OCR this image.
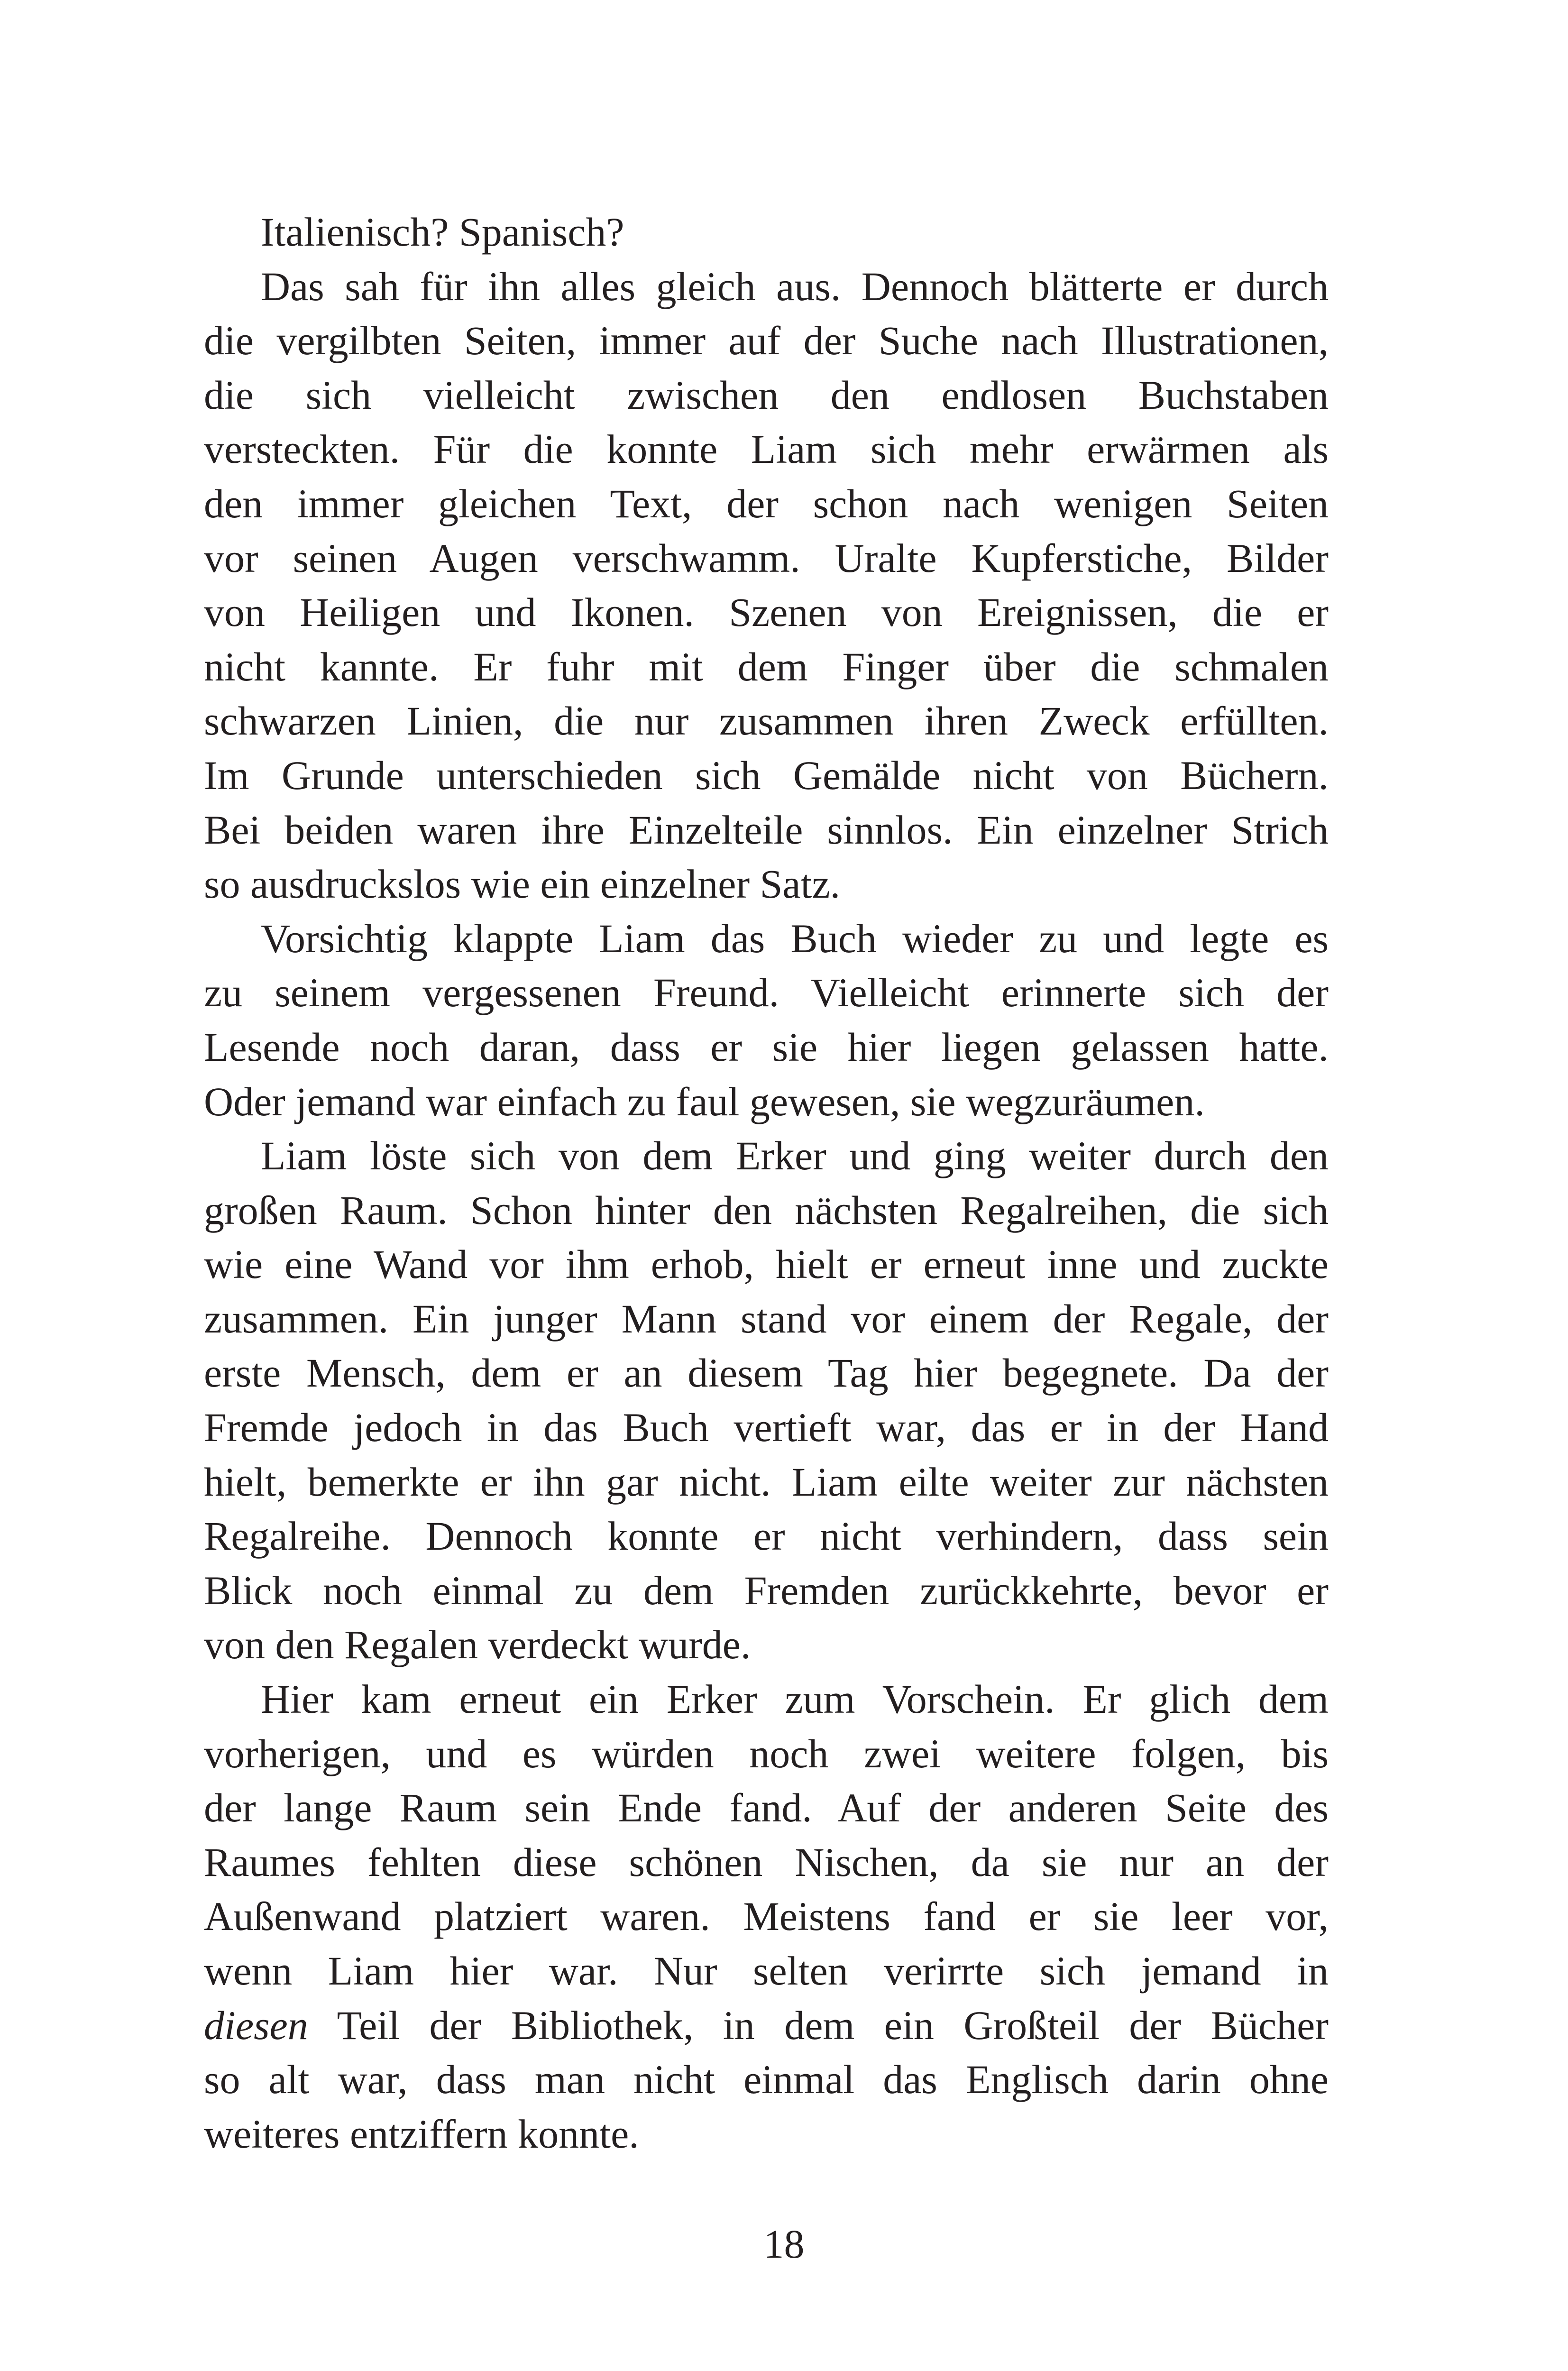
Italienisch? Spanisch?
Das sah für ihn alles gleich aus. Dennoch blätterte er durch
die vergilbten Seiten, immer auf der Suche nach Illustrationen,
die sich vielleicht zwischen den endlosen Buchstaben
versteckten. Für die konnte Liam sich mehr erwärmen als
den immer gleichen Text, der schon nach wenigen Seiten
vor seinen Augen verschwamm. Uralte Kupferstiche, Bilder
von Heiligen und Ikonen. Szenen von Ereignissen, die er
nicht kannte. Er fuhr mit dem Finger über die schmalen
schwarzen Linien, die nur zusammen ihren Zweck erfüllten.
Im Grunde unterschieden sich Gemälde nicht von Büchern.
Bei beiden waren ihre Einzelteile sinnlos. Ein einzelner Strich
so ausdruckslos wie ein einzelner Satz.
Vorsichtig klappte Liam das Buch wieder zu und legte es
zu seinem vergessenen Freund. Vielleicht erinnerte sich der
Lesende noch daran, dass er sie hier liegen gelassen hatte.
Oder jemand war einfach zu faul gewesen, sie wegzuräumen.
Liam löste sich von dem Erker und ging weiter durch den
großen Raum. Schon hinter den nächsten Regalreihen, die sich
wie eine Wand vor ihm erhob, hielt er erneut inne und zuckte
zusammen. Ein junger Mann stand vor einem der Regale, der
erste Mensch, dem er an diesem Tag hier begegnete. Da der
Fremde jedoch in das Buch vertieft war, das er in der Hand
hielt, bemerkte er ihn gar nicht. Liam eilte weiter zur nächsten
Regalreihe. Dennoch konnte er nicht verhindern, dass sein
Blick noch einmal zu dem Fremden zurückkehrte, bevor er
von den Regalen verdeckt wurde.
Hier kam erneut ein Erker zum Vorschein. Er glich dem
vorherigen, und es würden noch zwei weitere folgen, bis
der lange Raum sein Ende fand. Auf der anderen Seite des
Raumes fehlten diese schönen Nischen, da sie nur an der
Außenwand platziert waren. Meistens fand er sie leer vor,
wenn Liam hier war. Nur selten verirrte sich jemand in
diesen Teil der Bibliothek, in dem ein Großteil der Bücher
so alt war, dass man nicht einmal das Englisch darin ohne
weiteres entziffern konnte.
18
